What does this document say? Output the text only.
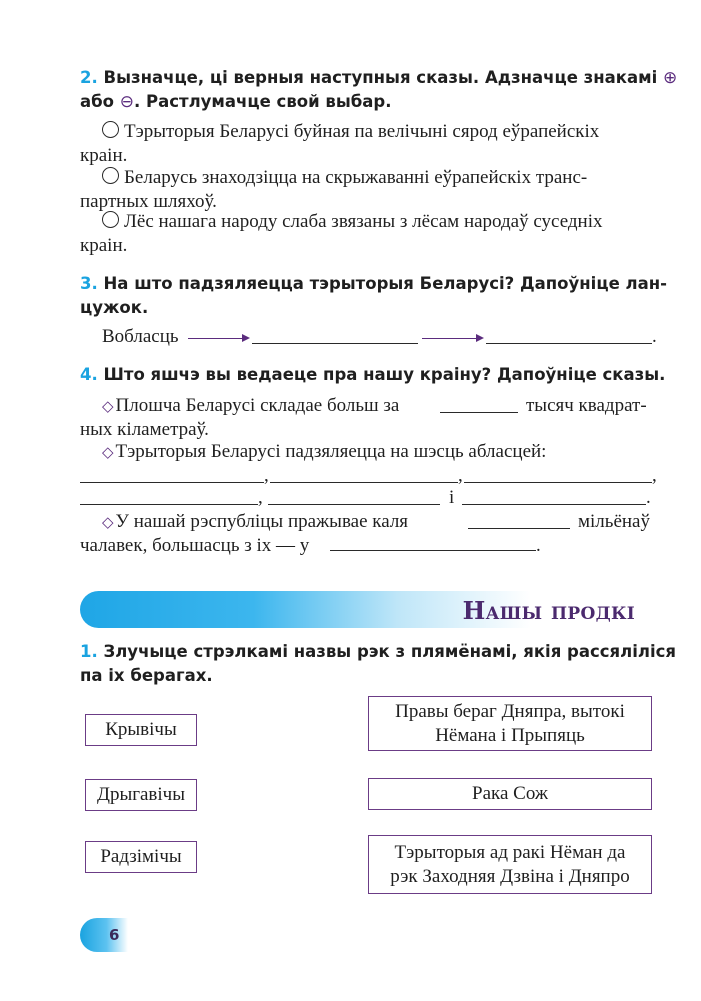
2. Вызначце, ці верныя наступныя сказы. Адзначце знакамі ⊕
або ⊖. Растлумачце свой выбар.
Тэрыторыя Беларусі буйная па велічыні сярод еўрапейскіх
краін.
Беларусь знаходзіцца на скрыжаванні еўрапейскіх транс-
партных шляхоў.
Лёс нашага народу слаба звязаны з лёсам народаў суседніх
краін.
3. На што падзяляецца тэрыторыя Беларусі? Дапоўніце лан-
цужок.
Вобласць	.
4. Што яшчэ вы ведаеце пра нашу краіну? Дапоўніце сказы.
◇ Плошча Беларусі складае больш за	тысяч квадрат-
ных кіламетраў.
◇ Тэрыторыя Беларусі падзяляецца на шэсць абласцей:
,	,	,
,	і	.
◇ У нашай рэспубліцы пражывае каля	мільёнаў
чалавек, большасць з іх — у	.
Нашы продкі
1. Злучыце стрэлкамі назвы рэк з плямёнамі, якія рассяліліся
па іх берагах.
Крывічы
Дрыгавічы
Радзімічы
Правы бераг Дняпра, вытокі
Нёмана і Прыпяць
Рака Сож
Тэрыторыя ад ракі Нёман да
рэк Заходняя Дзвіна і Дняпро
6
